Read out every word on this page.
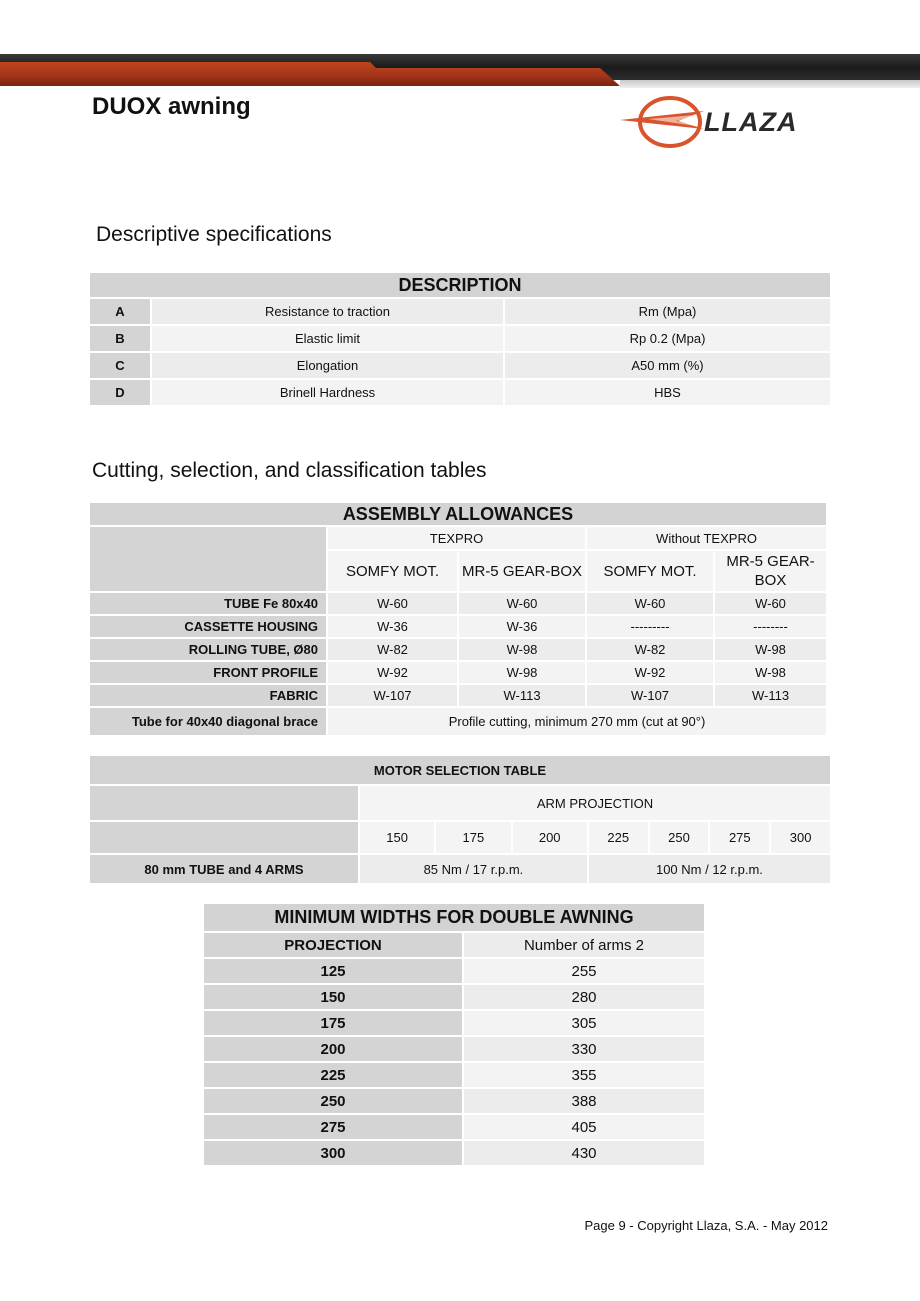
DUOX awning
LLAZA
Descriptive specifications
DESCRIPTION		
A	Resistance to traction	Rm (Mpa)
B	Elastic limit	Rp 0.2 (Mpa)
C	Elongation	A50 mm (%)
D	Brinell Hardness	HBS
Cutting, selection, and classification tables
ASSEMBLY ALLOWANCES				
	TEXPRO		Without TEXPRO	
	SOMFY MOT.	MR-5 GEAR-BOX	SOMFY MOT.	MR-5 GEAR-BOX
TUBE Fe 80x40	W-60	W-60	W-60	W-60
CASSETTE HOUSING	W-36	W-36	---------	--------
ROLLING TUBE, Ø80	W-82	W-98	W-82	W-98
FRONT PROFILE	W-92	W-98	W-92	W-98
FABRIC	W-107	W-113	W-107	W-113
Tube for 40x40 diagonal brace	Profile cutting, minimum 270 mm (cut at 90°)			
MOTOR SELECTION TABLE							
	ARM PROJECTION						
	150	175	200	225	250	275	300
80 mm TUBE and 4 ARMS	85 Nm / 17 r.p.m.			100 Nm / 12 r.p.m.			
MINIMUM WIDTHS FOR DOUBLE AWNING	
PROJECTION	Number of arms 2
125	255
150	280
175	305
200	330
225	355
250	388
275	405
300	430

Page 9 - Copyright Llaza, S.A. - May 2012
